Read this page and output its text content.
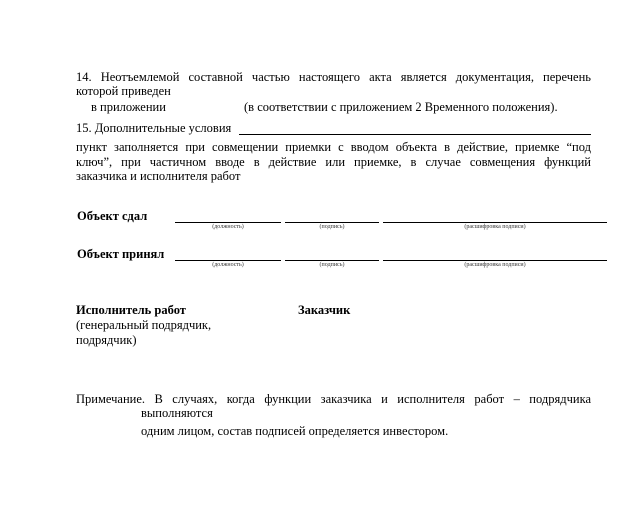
14. Неотъемлемой составной частью настоящего акта является документация, перечень
которой приведен
в приложении	(в соответствии с приложением 2 Временного положения).
15. Дополнительные условия
пункт заполняется при совмещении приемки с вводом объекта в действие, приемке “под
ключ”, при частичном вводе в действие или приемке, в случае совмещения функций
заказчика и исполнителя работ
Объект сдал
(должность)	(подпись)	(расшифровка подписи)
Объект принял
(должность)	(подпись)	(расшифровка подписи)
Исполнитель работ
(генеральный подрядчик,
подрядчик)
Заказчик
Примечание. В случаях, когда функции заказчика и исполнителя работ – подрядчика
выполняются
одним лицом, состав подписей определяется инвестором.
